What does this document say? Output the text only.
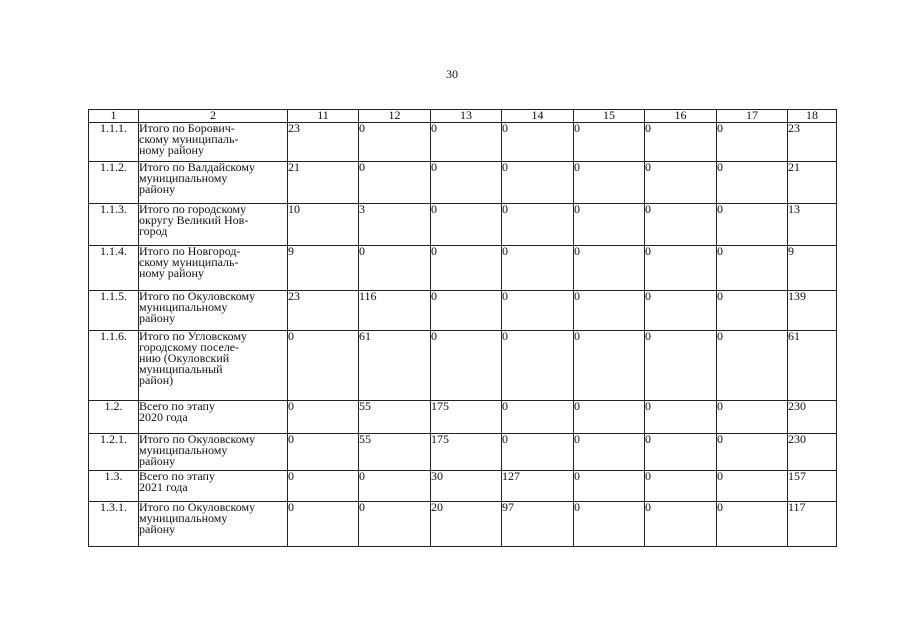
30
1	2	11	12	13	14	15	16	17	18
1.1.1.	Итого по Борович-
скому муниципаль-
ному району	23	0	0	0	0	0	0	23
1.1.2.	Итого по Валдайскому
муниципальному
району	21	0	0	0	0	0	0	21
1.1.3.	Итого по городскому
округу Великий Нов-
город	10	3	0	0	0	0	0	13
1.1.4.	Итого по Новгород-
скому муниципаль-
ному району	9	0	0	0	0	0	0	9
1.1.5.	Итого по Окуловскому
муниципальному
району	23	116	0	0	0	0	0	139
1.1.6.	Итого по Угловскому
городскому поселе-
нию (Окуловский
муниципальный
район)	0	61	0	0	0	0	0	61
1.2.	Всего по этапу
2020 года	0	55	175	0	0	0	0	230
1.2.1.	Итого по Окуловскому
муниципальному
району	0	55	175	0	0	0	0	230
1.3.	Всего по этапу
2021 года	0	0	30	127	0	0	0	157
1.3.1.	Итого по Окуловскому
муниципальному
району	0	0	20	97	0	0	0	117
